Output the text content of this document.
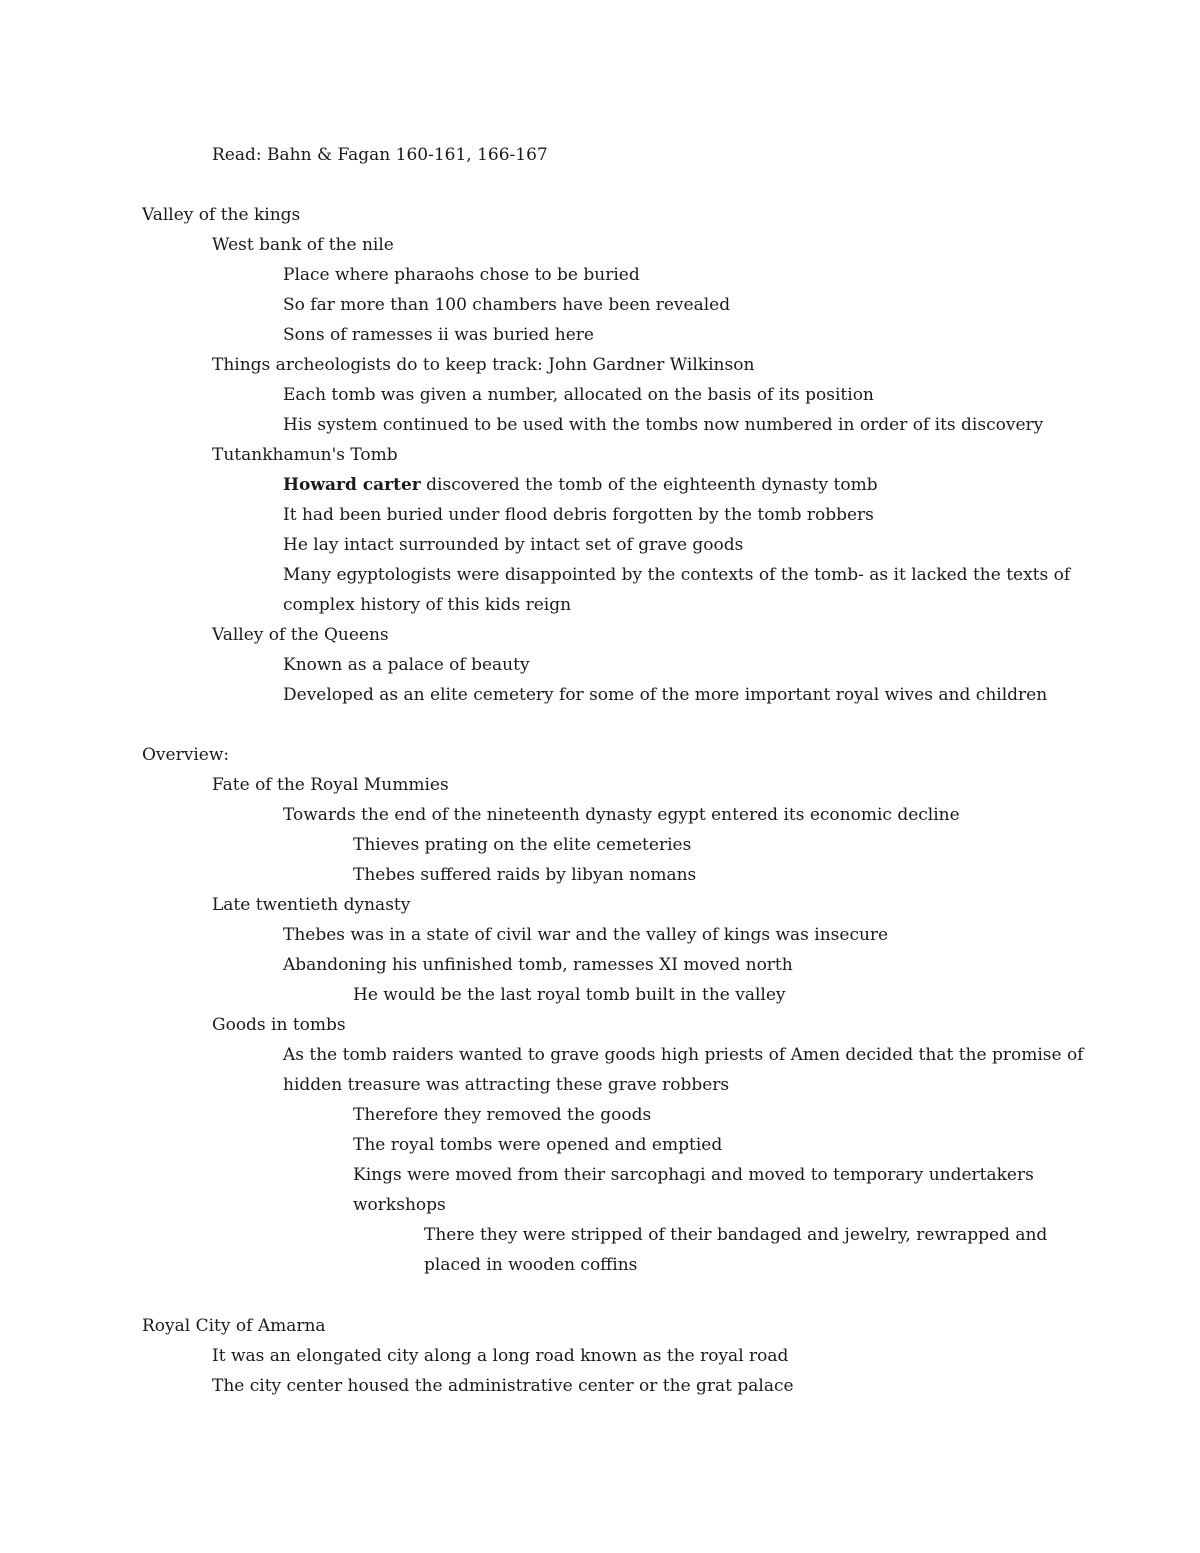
Read: Bahn & Fagan 160-161, 166-167
Valley of the kings
West bank of the nile
Place where pharaohs chose to be buried
So far more than 100 chambers have been revealed
Sons of ramesses ii was buried here
Things archeologists do to keep track: John Gardner Wilkinson
Each tomb was given a number, allocated on the basis of its position
His system continued to be used with the tombs now numbered in order of its discovery
Tutankhamun's Tomb
Howard carter discovered the tomb of the eighteenth dynasty tomb
It had been buried under flood debris forgotten by the tomb robbers
He lay intact surrounded by intact set of grave goods
Many egyptologists were disappointed by the contexts of the tomb- as it lacked the texts of
complex history of this kids reign
Valley of the Queens
Known as a palace of beauty
Developed as an elite cemetery for some of the more important royal wives and children
Overview:
Fate of the Royal Mummies
Towards the end of the nineteenth dynasty egypt entered its economic decline
Thieves prating on the elite cemeteries
Thebes suffered raids by libyan nomans
Late twentieth dynasty
Thebes was in a state of civil war and the valley of kings was insecure
Abandoning his unfinished tomb, ramesses XI moved north
He would be the last royal tomb built in the valley
Goods in tombs
As the tomb raiders wanted to grave goods high priests of Amen decided that the promise of
hidden treasure was attracting these grave robbers
Therefore they removed the goods
The royal tombs were opened and emptied
Kings were moved from their sarcophagi and moved to temporary undertakers
workshops
There they were stripped of their bandaged and jewelry, rewrapped and
placed in wooden coffins
Royal City of Amarna
It was an elongated city along a long road known as the royal road
The city center housed the administrative center or the grat palace
